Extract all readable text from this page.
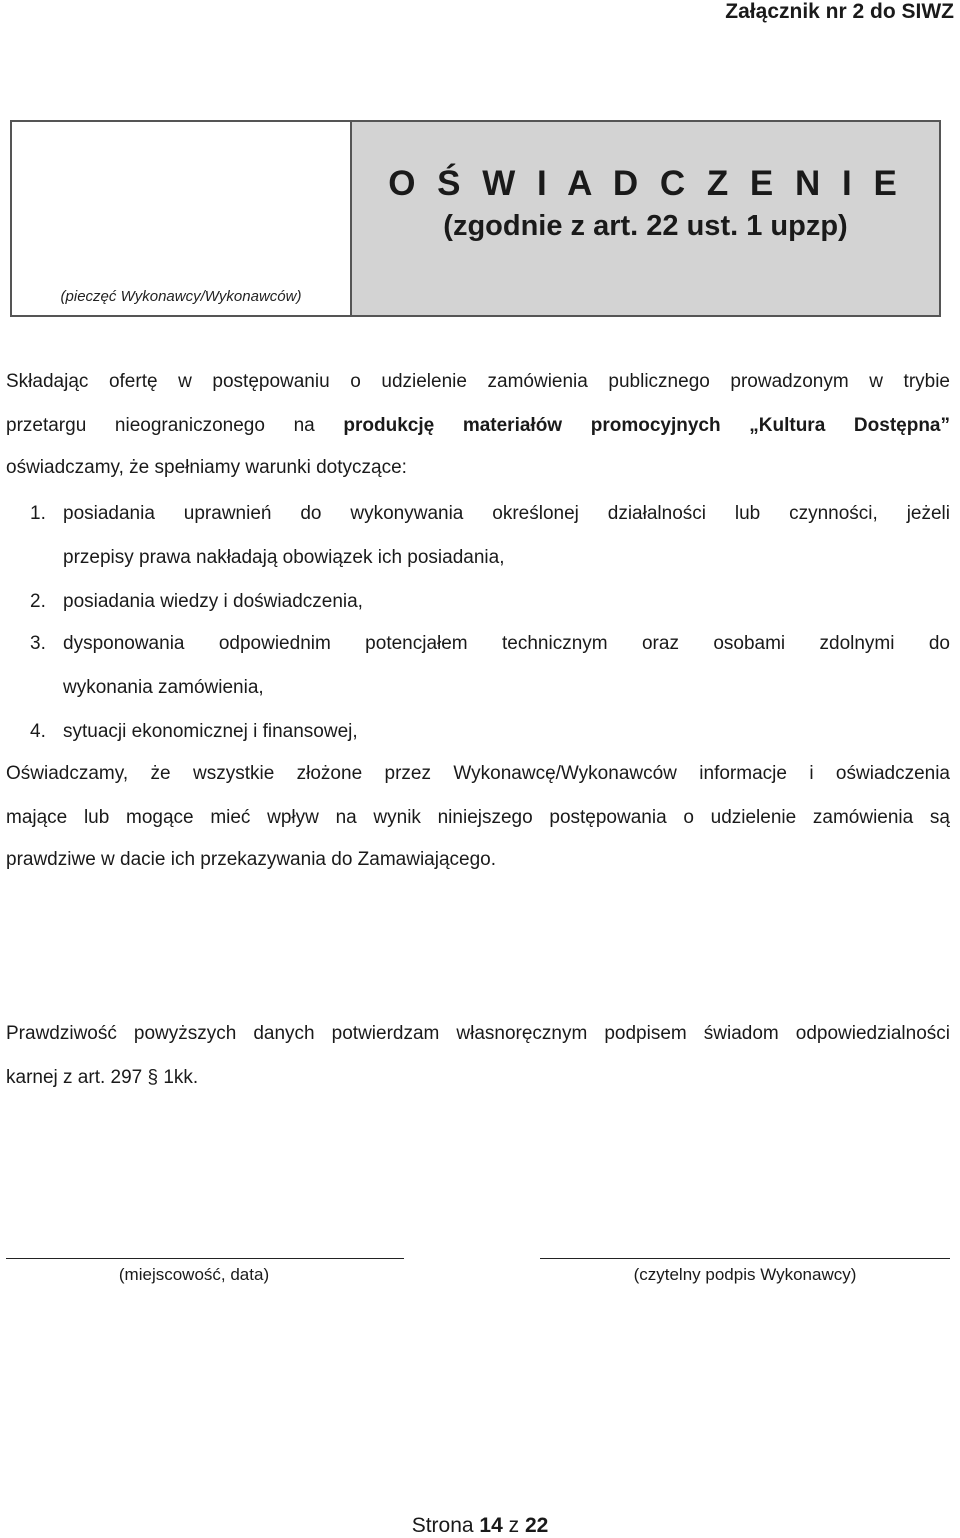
Załącznik nr 2 do SIWZ
(pieczęć Wykonawcy/Wykonawców)
O Ś W I A D C Z E N I E
(zgodnie z art. 22 ust. 1 upzp)
Składając ofertę w postępowaniu o udzielenie zamówienia publicznego prowadzonym w trybie
przetargu nieograniczonego na produkcję materiałów promocyjnych „Kultura Dostępna”
oświadczamy, że spełniamy warunki dotyczące:
1. posiadania uprawnień do wykonywania określonej działalności lub czynności, jeżeli
przepisy prawa nakładają obowiązek ich posiadania,
2. posiadania wiedzy i doświadczenia,
3. dysponowania odpowiednim potencjałem technicznym oraz osobami zdolnymi do
wykonania zamówienia,
4. sytuacji ekonomicznej i finansowej,
Oświadczamy, że wszystkie złożone przez Wykonawcę/Wykonawców informacje i oświadczenia
mające lub mogące mieć wpływ na wynik niniejszego postępowania o udzielenie zamówienia są
prawdziwe w dacie ich przekazywania do Zamawiającego.
Prawdziwość powyższych danych potwierdzam własnoręcznym podpisem świadom odpowiedzialności
karnej z art. 297 § 1kk.
(miejscowość, data)	(czytelny podpis Wykonawcy)
Strona 14 z 22
